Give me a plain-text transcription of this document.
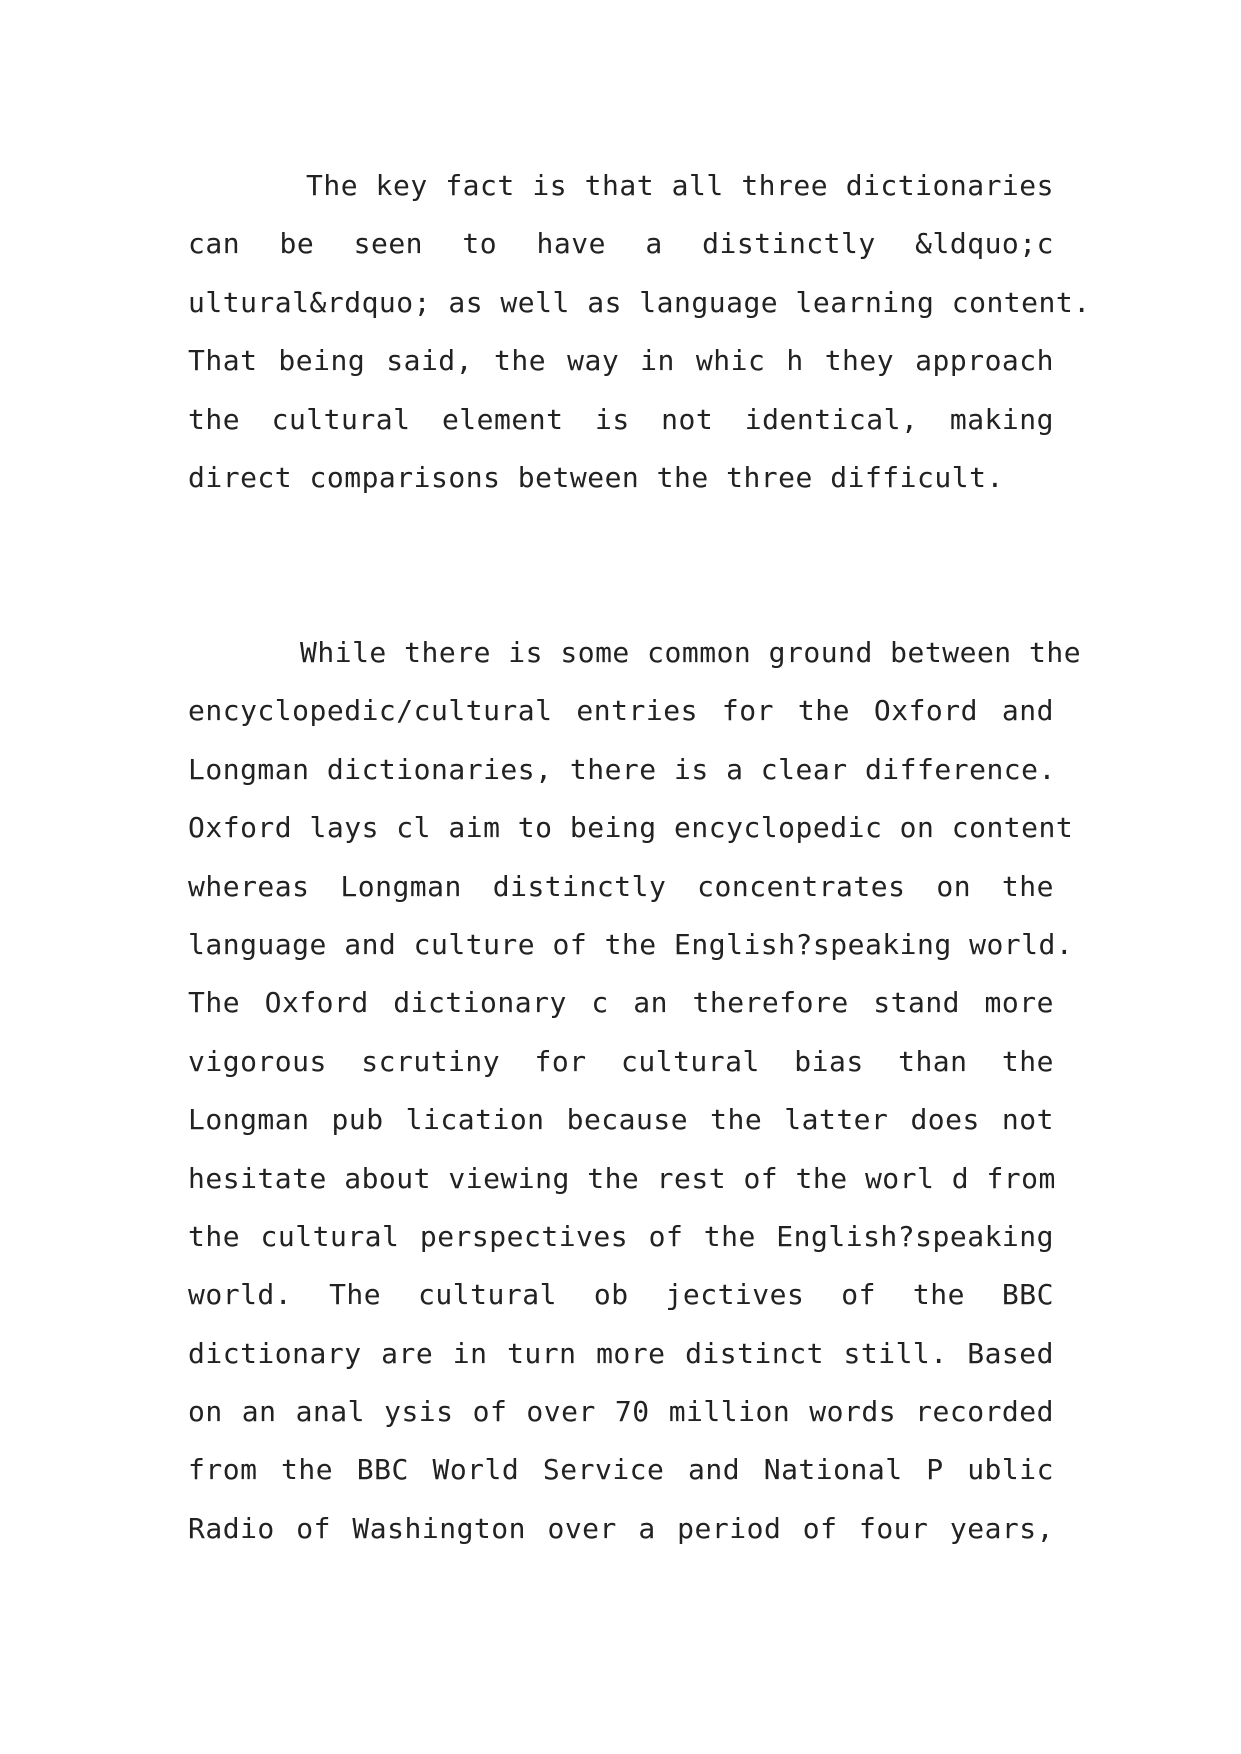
The key fact is that all three dictionaries
can be seen to have a distinctly &ldquo;c
ultural&rdquo; as well as language learning content.
That being said, the way in whic h they approach
the cultural element is not identical, making
direct comparisons between the three difficult.

While there is some common ground between the
encyclopedic/cultural entries for the Oxford and
Longman dictionaries, there is a clear difference.
Oxford lays cl aim to being encyclopedic on content
whereas Longman distinctly concentrates on the
language and culture of the English?speaking world.
The Oxford dictionary c an therefore stand more
vigorous scrutiny for cultural bias than the
Longman pub lication because the latter does not
hesitate about viewing the rest of the worl d from
the cultural perspectives of the English?speaking
world. The cultural ob jectives of the BBC
dictionary are in turn more distinct still. Based
on an anal ysis of over 70 million words recorded
from the BBC World Service and National P ublic
Radio of Washington over a period of four years,
